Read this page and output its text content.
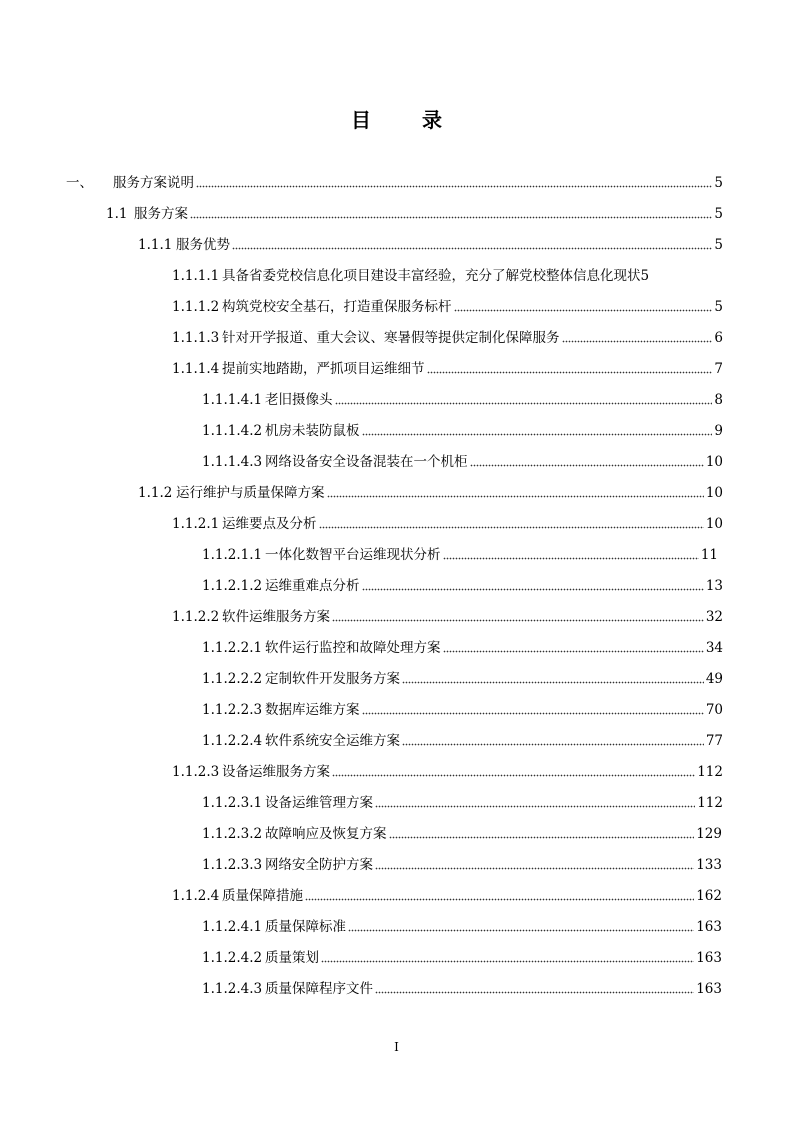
目 录
一、	服务方案说明	5
1.1 服务方案	5
1.1.1 服务优势	5
1.1.1.1 具备省委党校信息化项目建设丰富经验，充分了解党校整体信息化现状 5
1.1.1.2 构筑党校安全基石，打造重保服务标杆	5
1.1.1.3 针对开学报道、重大会议、寒暑假等提供定制化保障服务	6
1.1.1.4 提前实地踏勘，严抓项目运维细节	7
1.1.1.4.1 老旧摄像头	8
1.1.1.4.2 机房未装防鼠板	9
1.1.1.4.3 网络设备安全设备混装在一个机柜	10
1.1.2 运行维护与质量保障方案	10
1.1.2.1 运维要点及分析	10
1.1.2.1.1 一体化数智平台运维现状分析	11
1.1.2.1.2 运维重难点分析	13
1.1.2.2 软件运维服务方案	32
1.1.2.2.1 软件运行监控和故障处理方案	34
1.1.2.2.2 定制软件开发服务方案	49
1.1.2.2.3 数据库运维方案	70
1.1.2.2.4 软件系统安全运维方案	77
1.1.2.3 设备运维服务方案	112
1.1.2.3.1 设备运维管理方案	112
1.1.2.3.2 故障响应及恢复方案	129
1.1.2.3.3 网络安全防护方案	133
1.1.2.4 质量保障措施	162
1.1.2.4.1 质量保障标准	163
1.1.2.4.2 质量策划	163
1.1.2.4.3 质量保障程序文件	163
I
